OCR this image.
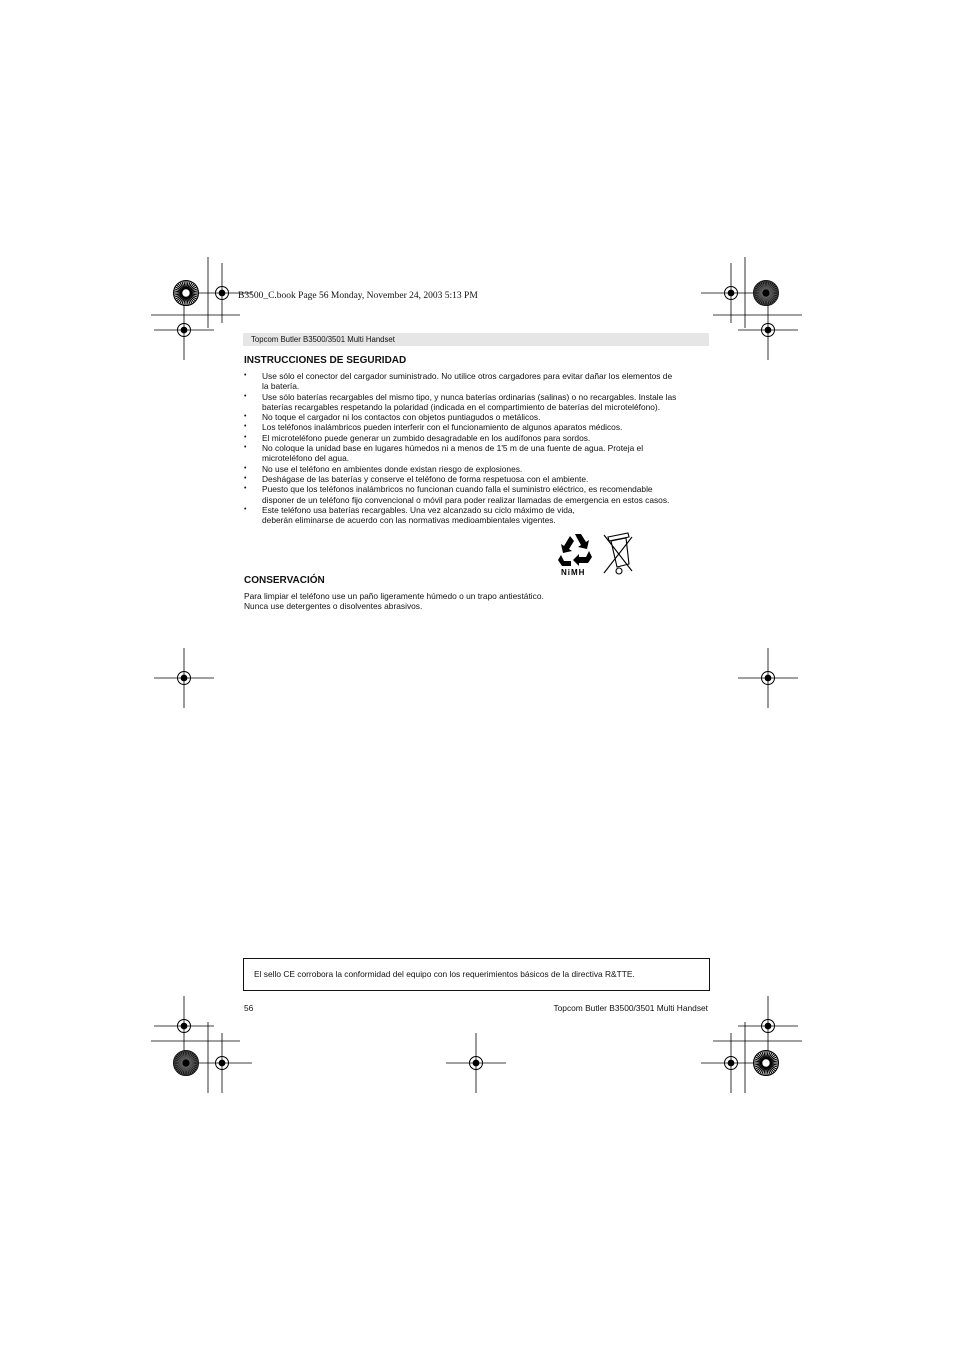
B3500_C.book Page 56 Monday, November 24, 2003 5:13 PM
Topcom Butler B3500/3501 Multi Handset
INSTRUCCIONES DE SEGURIDAD
• Use sólo el conector del cargador suministrado. No utilice otros cargadores para evitar dañar los elementos de
la batería.
• Use sólo baterías recargables del mismo tipo, y nunca baterías ordinarias (salinas) o no recargables. Instale las
baterías recargables respetando la polaridad (indicada en el compartimiento de baterías del microteléfono).
• No toque el cargador ni los contactos con objetos puntiagudos o metálicos.
• Los teléfonos inalámbricos pueden interferir con el funcionamiento de algunos aparatos médicos.
• El microteléfono puede generar un zumbido desagradable en los audífonos para sordos.
• No coloque la unidad base en lugares húmedos ni a menos de 1'5 m de una fuente de agua. Proteja el
microteléfono del agua.
• No use el teléfono en ambientes donde existan riesgo de explosiones.
• Deshágase de las baterías y conserve el teléfono de forma respetuosa con el ambiente.
• Puesto que los teléfonos inalámbricos no funcionan cuando falla el suministro eléctrico, es recomendable
disponer de un teléfono fijo convencional o móvil para poder realizar llamadas de emergencia en estos casos.
• Este teléfono usa baterías recargables. Una vez alcanzado su ciclo máximo de vida,
deberán eliminarse de acuerdo con las normativas medioambientales vigentes.
NiMH
CONSERVACIÓN
Para limpiar el teléfono use un paño ligeramente húmedo o un trapo antiestático.
Nunca use detergentes o disolventes abrasivos.
El sello CE corrobora la conformidad del equipo con los requerimientos básicos de la directiva R&TTE.
56	Topcom Butler B3500/3501 Multi Handset
